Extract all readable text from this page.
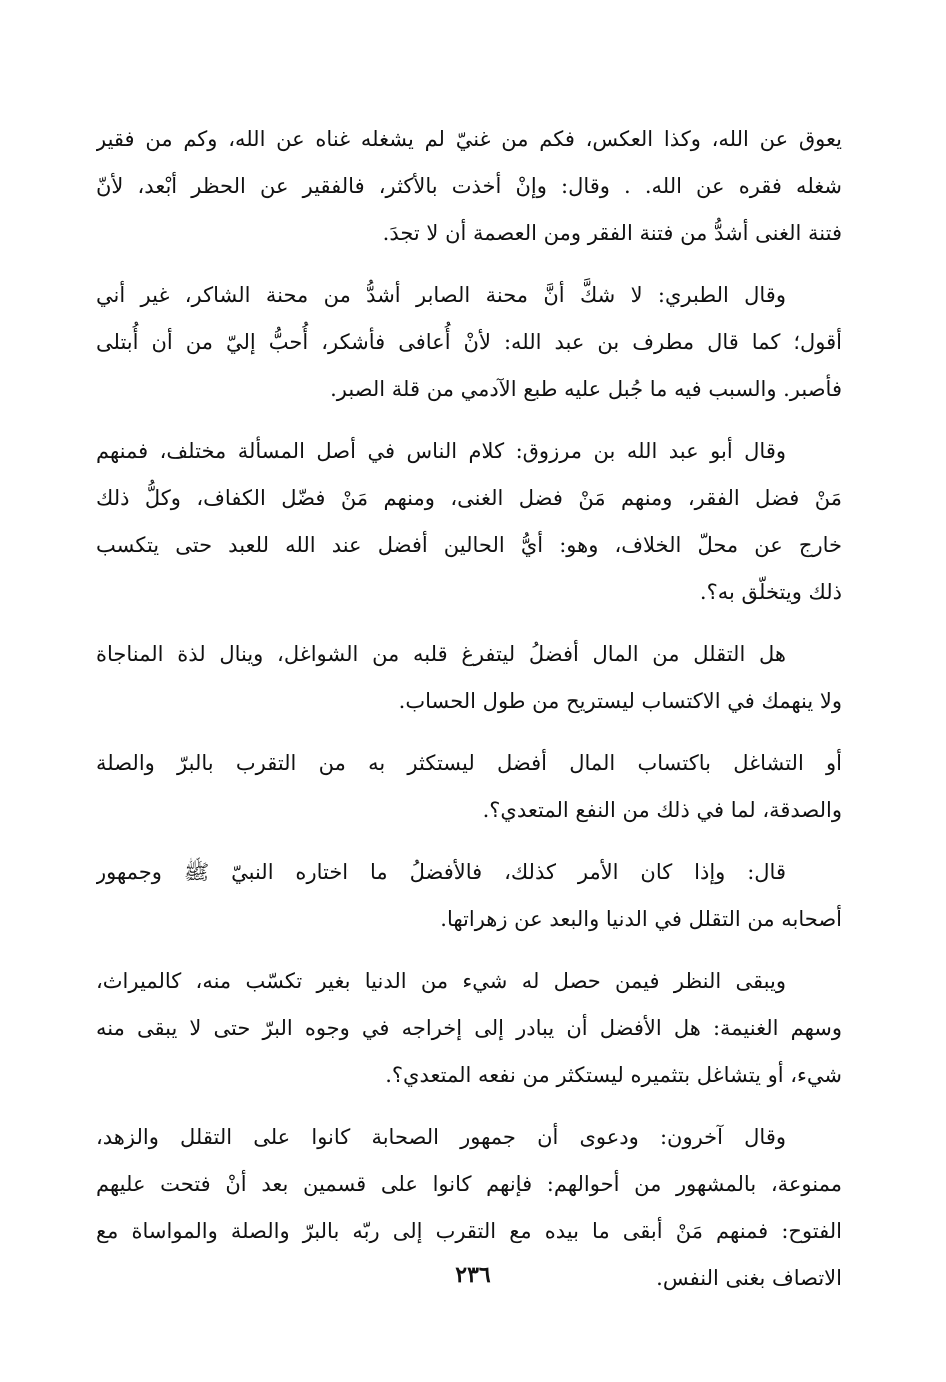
يعوق عن الله، وكذا العكس، فكم من غنيّ لم يشغله غناه عن الله، وكم من فقير
شغله فقره عن الله. . وقال: وإنْ أخذت بالأكثر، فالفقير عن الحظر أبْعد، لأنّ
فتنة الغنى أشدُّ من فتنة الفقر ومن العصمة أن لا تجدَ.

وقال الطبري: لا شكَّ أنَّ محنة الصابر أشدُّ من محنة الشاكر، غير أني
أقول؛ كما قال مطرف بن عبد الله: لأنْ أُعافى فأشكر، أُحبُّ إليّ من أن أُبتلى
فأصبر. والسبب فيه ما جُبل عليه طبع الآدمي من قلة الصبر.

وقال أبو عبد الله بن مرزوق: كلام الناس في أصل المسألة مختلف، فمنهم
مَنْ فضل الفقر، ومنهم مَنْ فضل الغنى، ومنهم مَنْ فضّل الكفاف، وكلُّ ذلك
خارج عن محلّ الخلاف، وهو: أيُّ الحالين أفضل عند الله للعبد حتى يتكسب
ذلك ويتخلّق به؟.

هل التقلل من المال أفضلُ ليتفرغ قلبه من الشواغل، وينال لذة المناجاة
ولا ينهمك في الاكتساب ليستريح من طول الحساب.

أو التشاغل باكتساب المال أفضل ليستكثر به من التقرب بالبرّ والصلة
والصدقة، لما في ذلك من النفع المتعدي؟.

قال: وإذا كان الأمر كذلك، فالأفضلُ ما اختاره النبيّ ﷺ وجمهور
أصحابه من التقلل في الدنيا والبعد عن زهراتها.

ويبقى النظر فيمن حصل له شيء من الدنيا بغير تكسّب منه، كالميراث،
وسهم الغنيمة: هل الأفضل أن يبادر إلى إخراجه في وجوه البرّ حتى لا يبقى منه
شيء، أو يتشاغل بتثميره ليستكثر من نفعه المتعدي؟.

وقال آخرون: ودعوى أن جمهور الصحابة كانوا على التقلل والزهد،
ممنوعة، بالمشهور من أحوالهم: فإنهم كانوا على قسمين بعد أنْ فتحت عليهم
الفتوح: فمنهم مَنْ أبقى ما بيده مع التقرب إلى ربّه بالبرّ والصلة والمواساة مع
الاتصاف بغنى النفس.

٢٣٦
